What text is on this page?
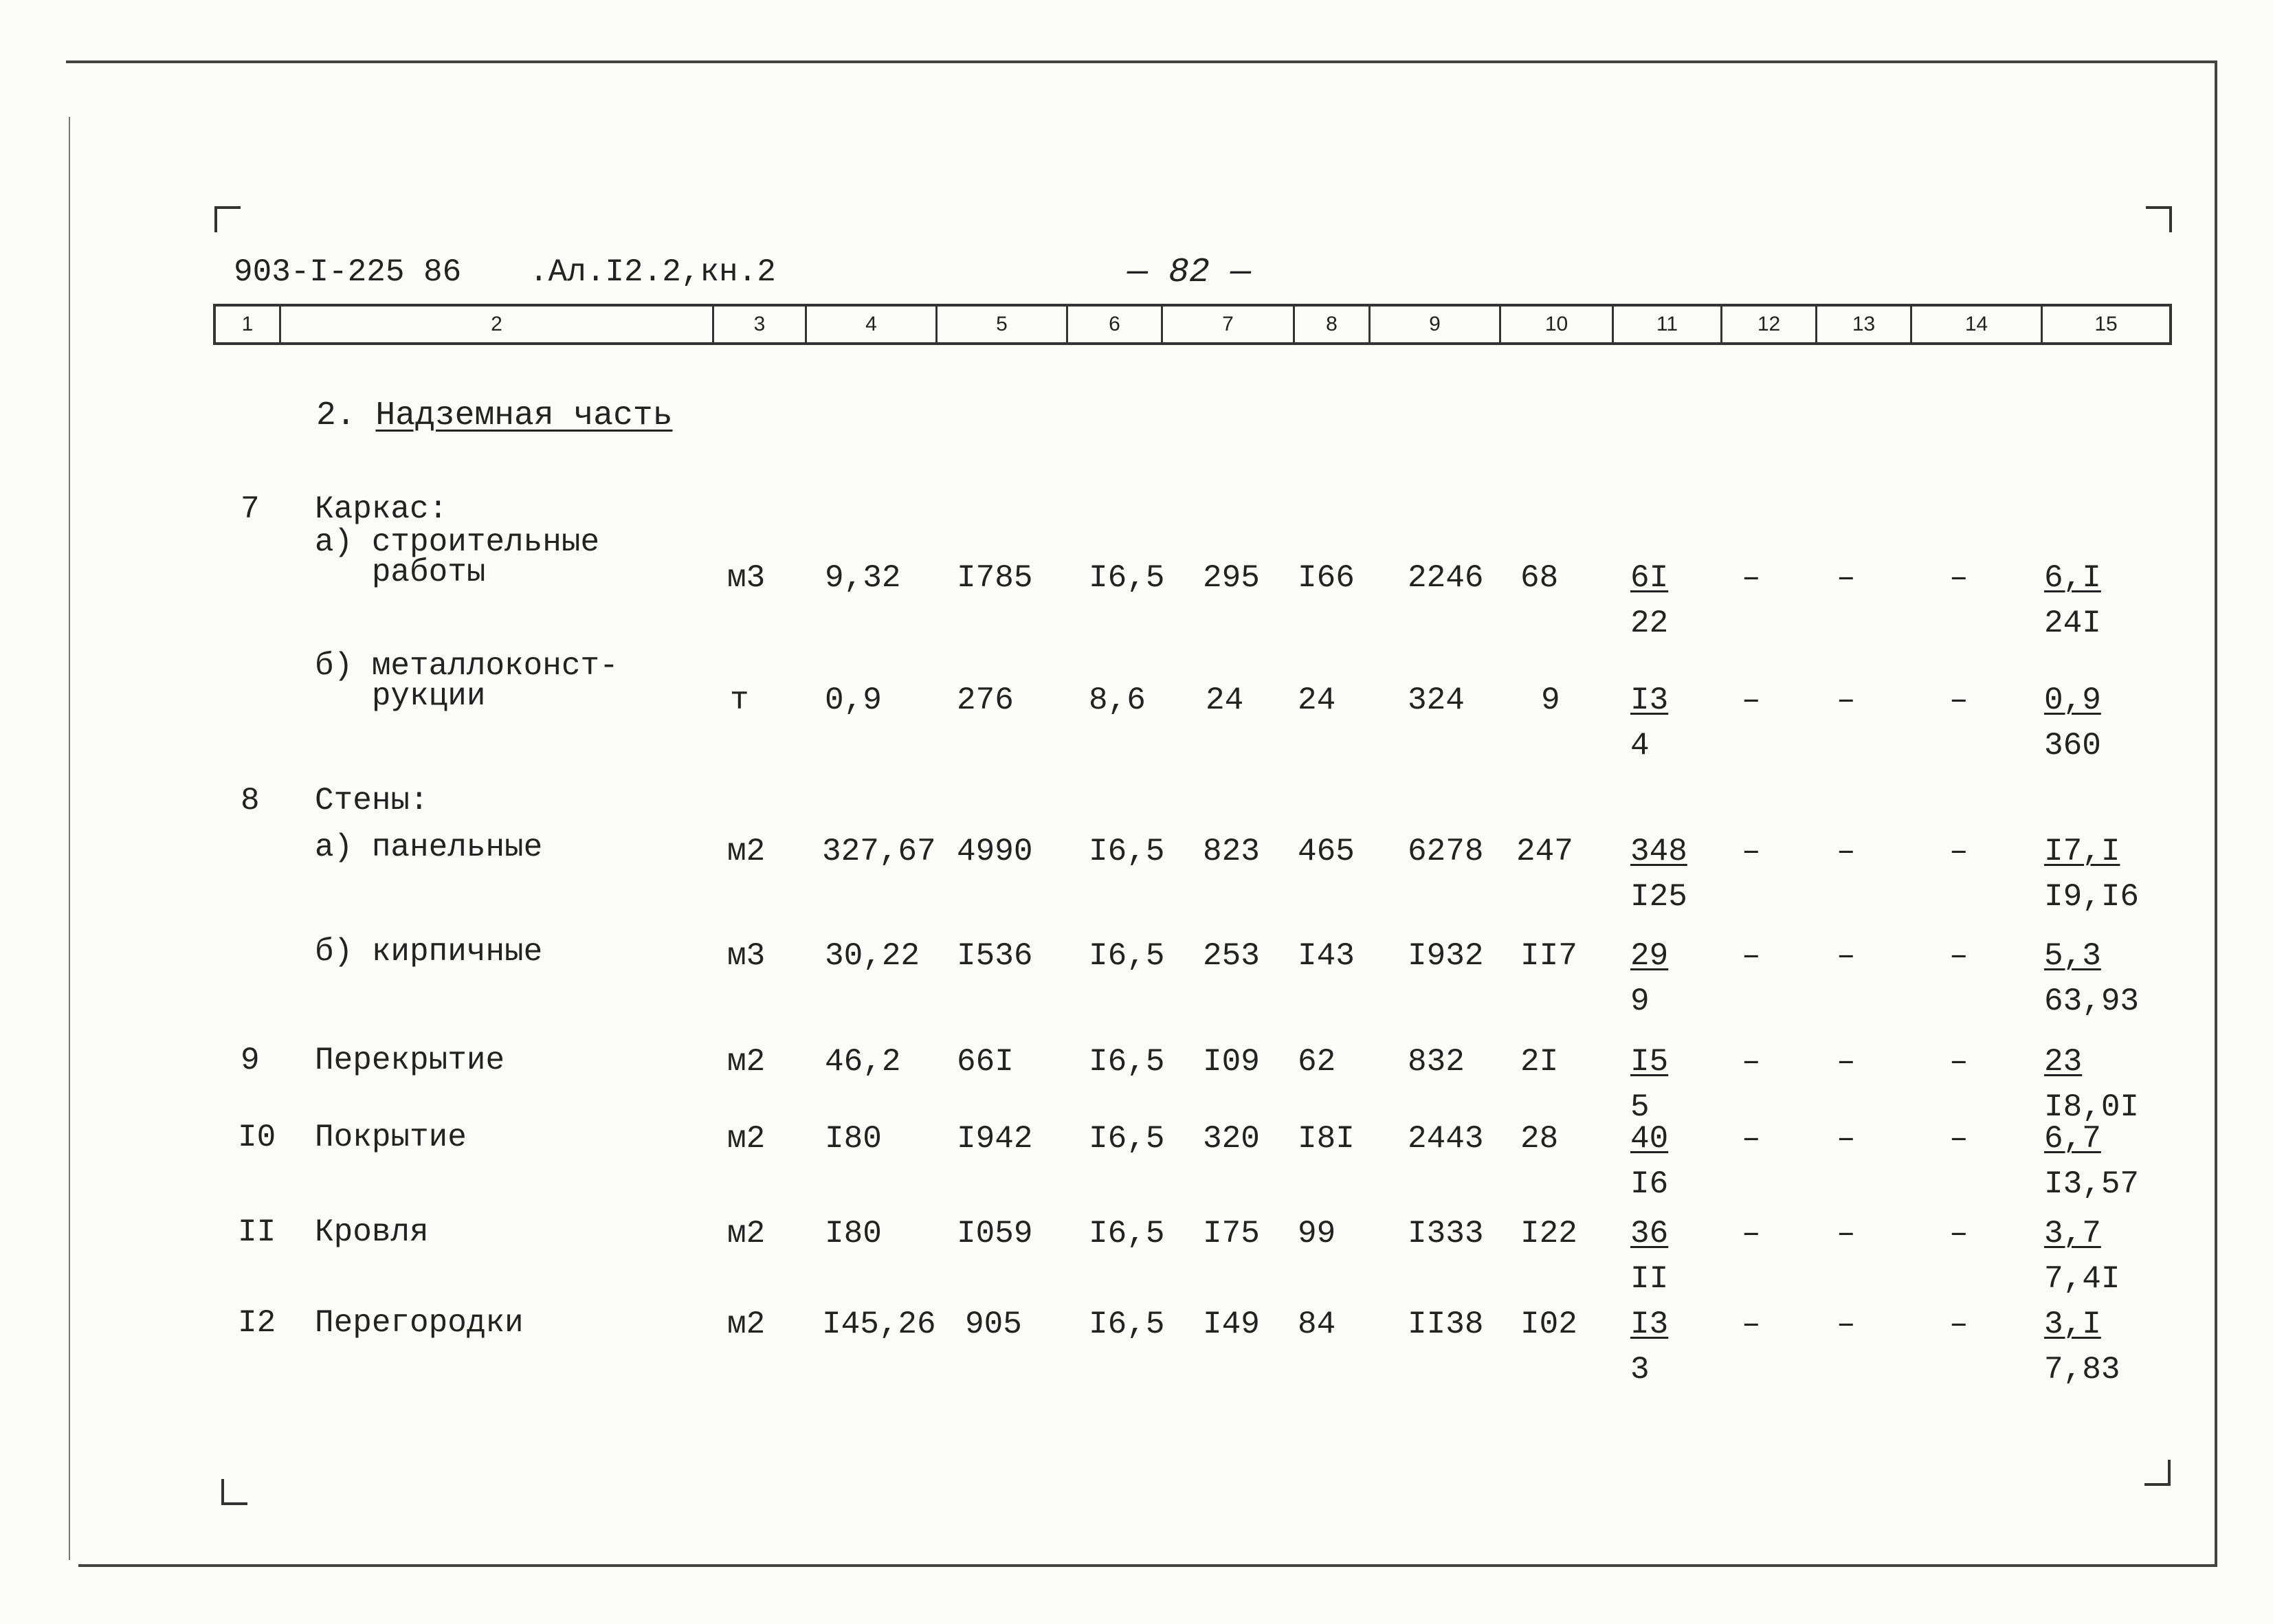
903-I-225 86 .Ал.I2.2,кн.2	— 82 —
1	2	3	4	5	6	7	8	9	10	11	12	13	14	15
2. Надземная часть
7 Каркас:
а) строительные
работы	м3 9,32 I785 I6,5 295 I66 2246 $68 \frac{6I}{22}$ – –	– $\frac{6,I}{24I}$
б) металлоконст-
рукции	т 0,9 276 8,6 24 24 324 $9 \frac{I3}{4}$ – –	– $\frac{0,9}{360}$
8 Стены:
а) панельные	м2 327,67 4990 I6,5 823 465 6278 $247 \frac{348}{I25}$ – –	– $\frac{I7,I}{I9,I6}$
б) кирпичные	м3 30,22 I536 I6,5 253 I43 I932 $II7 \frac{29}{9}$ – –	– $\frac{5,3}{63,93}$
9 Перекрытие	м2 46,2 66I I6,5 I09 62 832 $2I \frac{I5}{5}$ – –	– $\frac{23}{I8,0I}$
I0 Покрытие	м2 I80 I942 I6,5 320 I8I 2443 $28 \frac{40}{I6}$ – –	– $\frac{6,7}{I3,57}$
II Кровля	м2 I80 I059 I6,5 I75 99 I333 $I22 \frac{36}{II}$ – –	– $\frac{3,7}{7,4I}$
I2 Перегородки	м2 I45,26 905 I6,5 I49 84 II38 $I02 \frac{I3}{3}$ – –	– $\frac{3,I}{7,83}$
